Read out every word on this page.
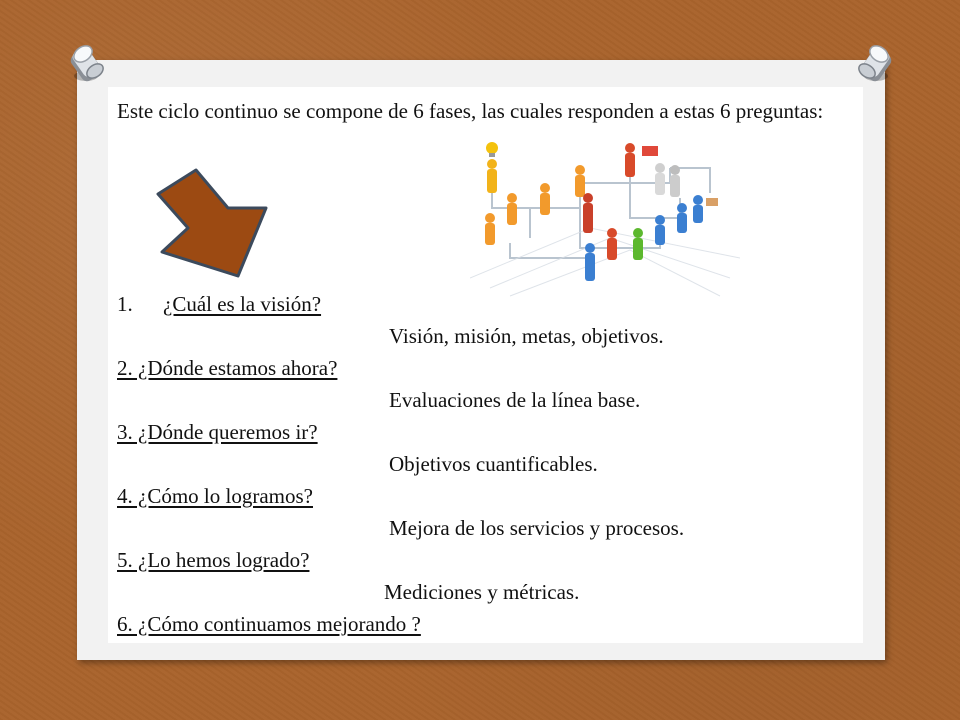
Este ciclo continuo se compone de 6 fases, las cuales responden a estas 6 preguntas:
1. ¿Cuál es la visión?
Visión, misión, metas, objetivos.
2. ¿Dónde estamos ahora?
Evaluaciones de la línea base.
3. ¿Dónde queremos ir?
Objetivos cuantificables.
4. ¿Cómo lo logramos?
Mejora de los servicios y procesos.
5. ¿Lo hemos logrado?
Mediciones y métricas.
6. ¿Cómo continuamos mejorando ?
